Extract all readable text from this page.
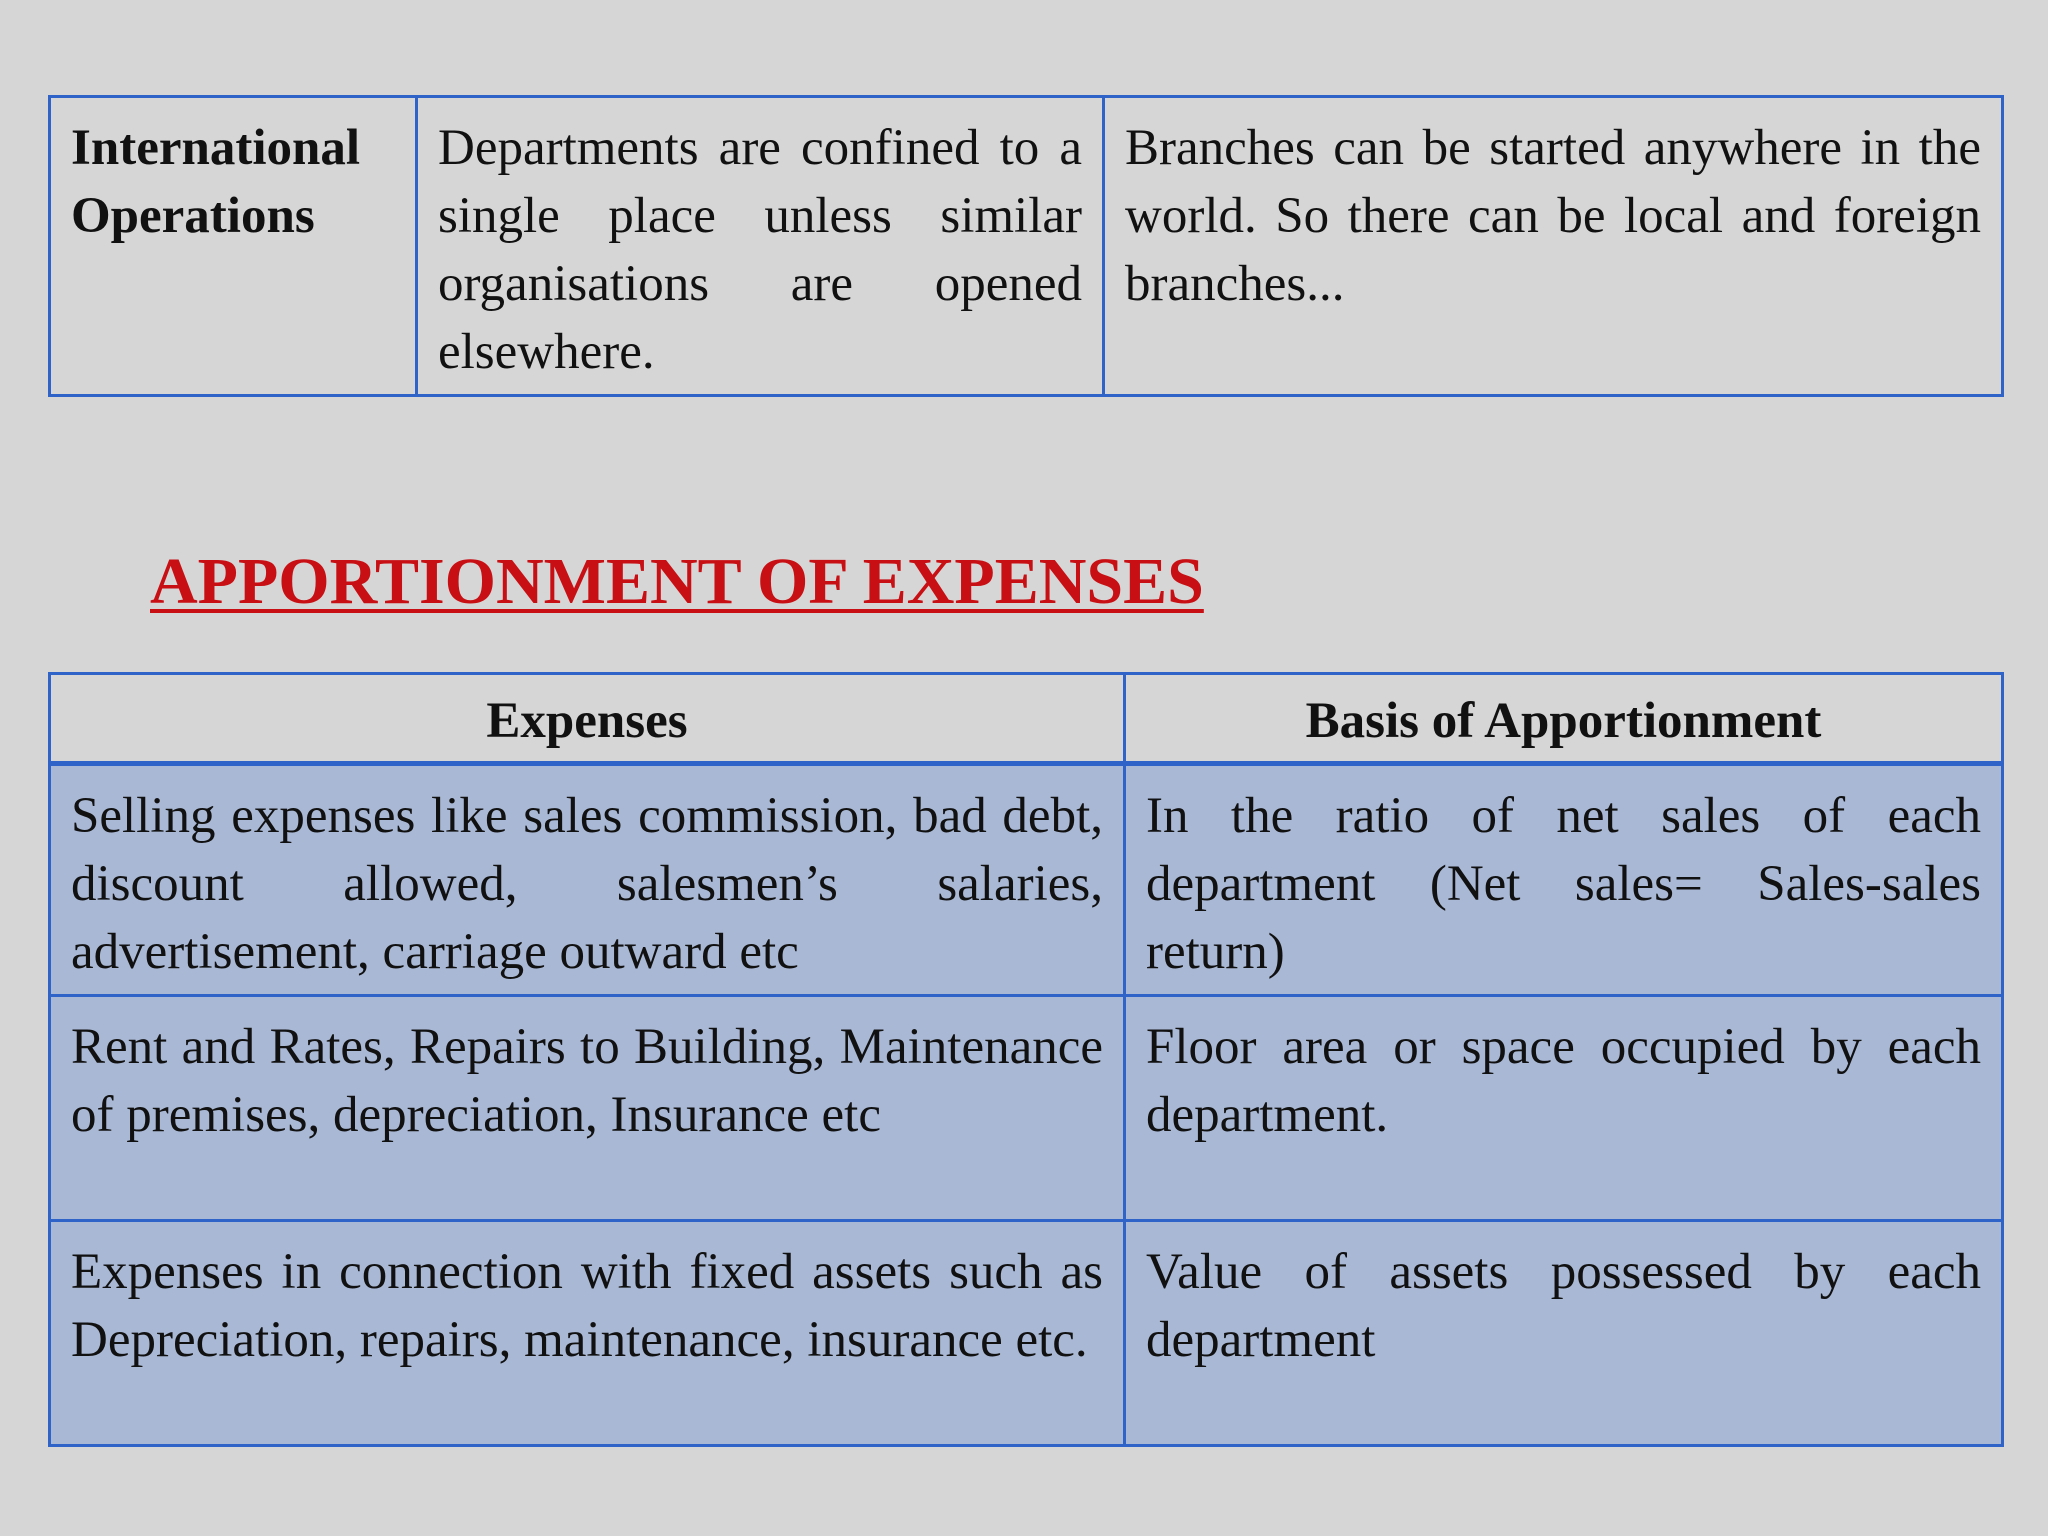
International Operations	Departments are confined to a single place unless similar organisations are opened elsewhere.	Branches can be started anywhere in the world. So there can be local and foreign branches...
APPORTIONMENT OF EXPENSES
Expenses	Basis of Apportionment
Selling expenses like sales commission, bad debt, discount allowed, salesmen’s salaries, advertisement, carriage outward etc	In the ratio of net sales of each department (Net sales= Sales-sales return)
Rent and Rates, Repairs to Building, Maintenance of premises, depreciation, Insurance etc	Floor area or space occupied by each department.
Expenses in connection with fixed assets such as Depreciation, repairs, maintenance, insurance etc.	Value of assets possessed by each department
